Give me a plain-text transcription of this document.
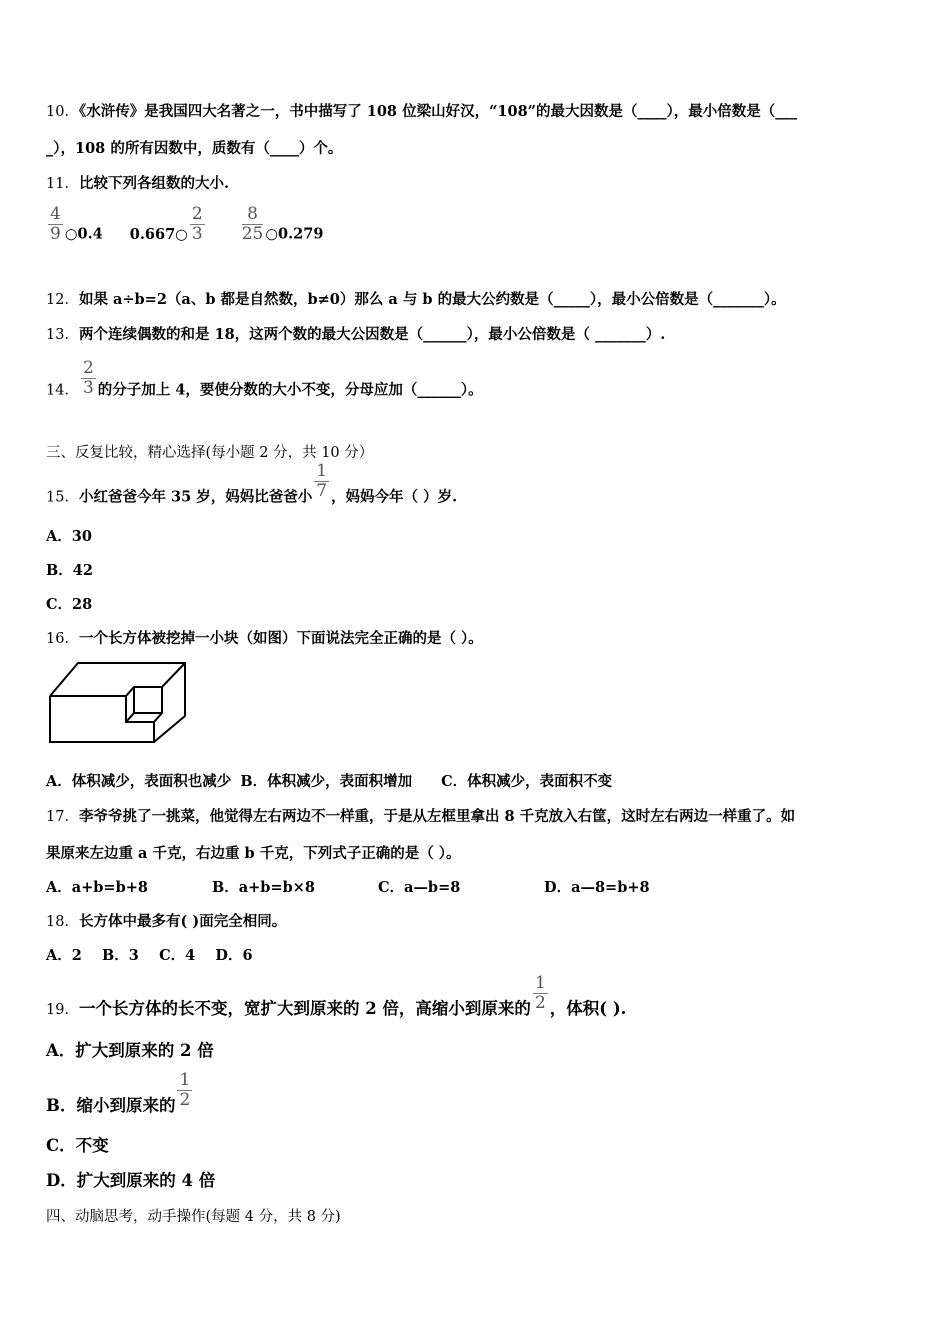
10．《水浒传》是我国四大名著之一，书中描写了 108 位梁山好汉，“108”的最大因数是（____），最小倍数是（___
_），108 的所有因数中，质数有（____）个。
11．比较下列各组数的大小.
$\frac{4}{9}$ ○0.4 0.667○ $\frac{2}{3}$
$\frac{8}{25}$ ○0.279
12．如果 a÷b=2（a、b 都是自然数，b≠0）那么 a 与 b 的最大公约数是（_____），最小公倍数是（_______）。
13．两个连续偶数的和是 18，这两个数的最大公因数是（______），最小公倍数是（ _______）.
14． $\frac{2}{3}$ 的分子加上 4，要使分数的大小不变，分母应加（______）。
三、反复比较，精心选择(每小题 2 分，共 10 分）
15．小红爸爸今年 35 岁，妈妈比爸爸小 $\frac{1}{7}$ ，妈妈今年（ ）岁.
A．30
B．42
C．28
16．一个长方体被挖掉一小块（如图）下面说法完全正确的是（ ）。
A．体积减少，表面积也减少 B．体积减少，表面积增加 C．体积减少，表面积不变
17．李爷爷挑了一挑菜，他觉得左右两边不一样重，于是从左框里拿出 8 千克放入右筐，这时左右两边一样重了。如
果原来左边重 a 千克，右边重 b 千克，下列式子正确的是（ ）。
A．a+b=b+8	B．a+b=b×8	C．a—b=8	D．a—8=b+8
18．长方体中最多有( )面完全相同。
A．2    B．3    C．4    D．6
19．一个长方体的长不变，宽扩大到原来的 2 倍，高缩小到原来的 $\frac{1}{2}$ ，体积( ).
A．扩大到原来的 2 倍
B．缩小到原来的 $\frac{1}{2}$
C．不变
D．扩大到原来的 4 倍
四、动脑思考，动手操作(每题 4 分，共 8 分)
